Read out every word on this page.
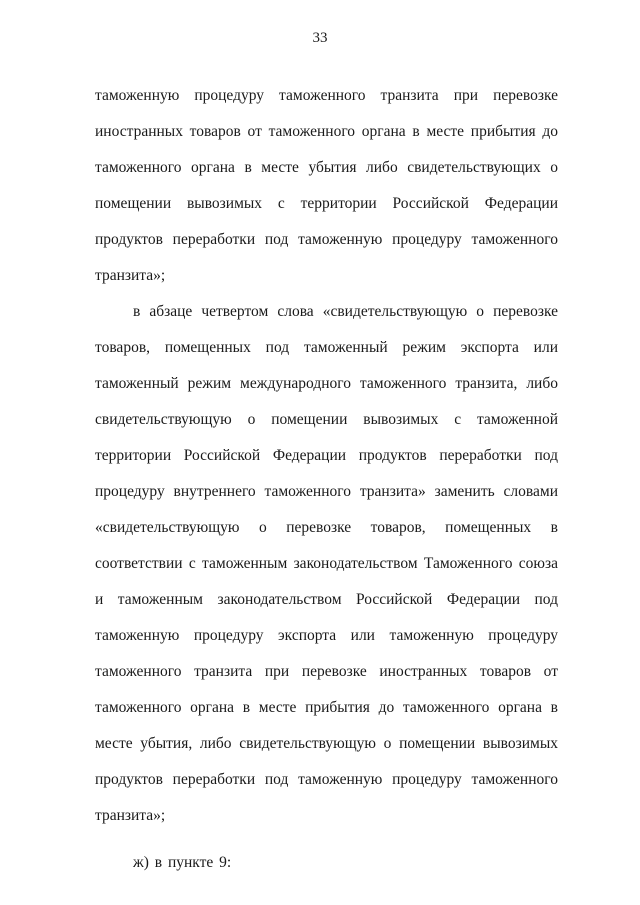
33

таможенную процедуру таможенного транзита при перевозке иностранных товаров от таможенного органа в месте прибытия до таможенного органа в месте убытия либо свидетельствующих о помещении вывозимых с территории Российской Федерации продуктов переработки под таможенную процедуру таможенного транзита»;

в абзаце четвертом слова «свидетельствующую о перевозке товаров, помещенных под таможенный режим экспорта или таможенный режим международного таможенного транзита, либо свидетельствующую о помещении вывозимых с таможенной территории Российской Федерации продуктов переработки под процедуру внутреннего таможенного транзита» заменить словами «свидетельствующую о перевозке товаров, помещенных в соответствии с таможенным законодательством Таможенного союза и таможенным законодательством Российской Федерации под таможенную процедуру экспорта или таможенную процедуру таможенного транзита при перевозке иностранных товаров от таможенного органа в месте прибытия до таможенного органа в месте убытия, либо свидетельствующую о помещении вывозимых продуктов переработки под таможенную процедуру таможенного транзита»;

ж) в пункте 9:
